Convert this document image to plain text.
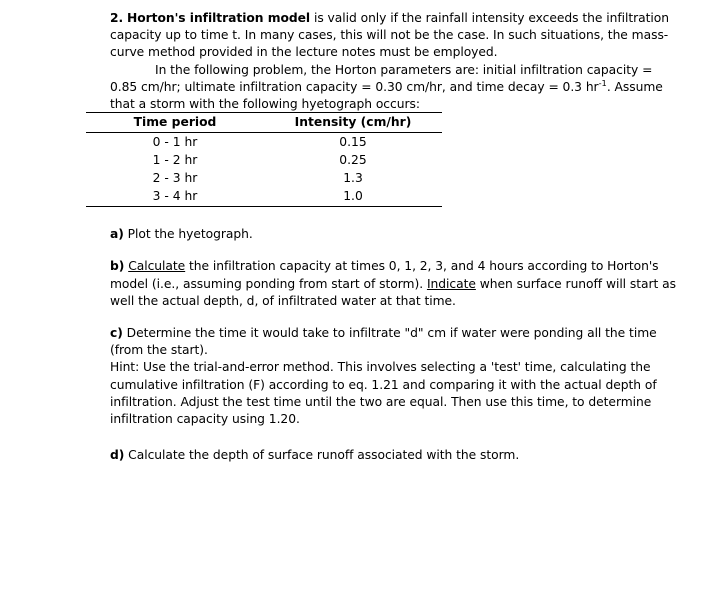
2. Horton's infiltration model is valid only if the rainfall intensity exceeds the infiltration capacity up to time t. In many cases, this will not be the case. In such situations, the mass-curve method provided in the lecture notes must be employed.

In the following problem, the Horton parameters are: initial infiltration capacity = 0.85 cm/hr; ultimate infiltration capacity = 0.30 cm/hr, and time decay = 0.3 $hr^{-1}$. Assume that a storm with the following hyetograph occurs:

Time period	Intensity (cm/hr)
0 - 1 hr	0.15
1 - 2 hr	0.25
2 - 3 hr	1.3
3 - 4 hr	1.0

a) Plot the hyetograph.

b) Calculate the infiltration capacity at times 0, 1, 2, 3, and 4 hours according to Horton's model (i.e., assuming ponding from start of storm). Indicate when surface runoff will start as well the actual depth, d, of infiltrated water at that time.

c) Determine the time it would take to infiltrate "d" cm if water were ponding all the time (from the start).

Hint: Use the trial-and-error method. This involves selecting a 'test' time, calculating the cumulative infiltration (F) according to eq. 1.21 and comparing it with the actual depth of infiltration. Adjust the test time until the two are equal. Then use this time, to determine infiltration capacity using 1.20.

d) Calculate the depth of surface runoff associated with the storm.
